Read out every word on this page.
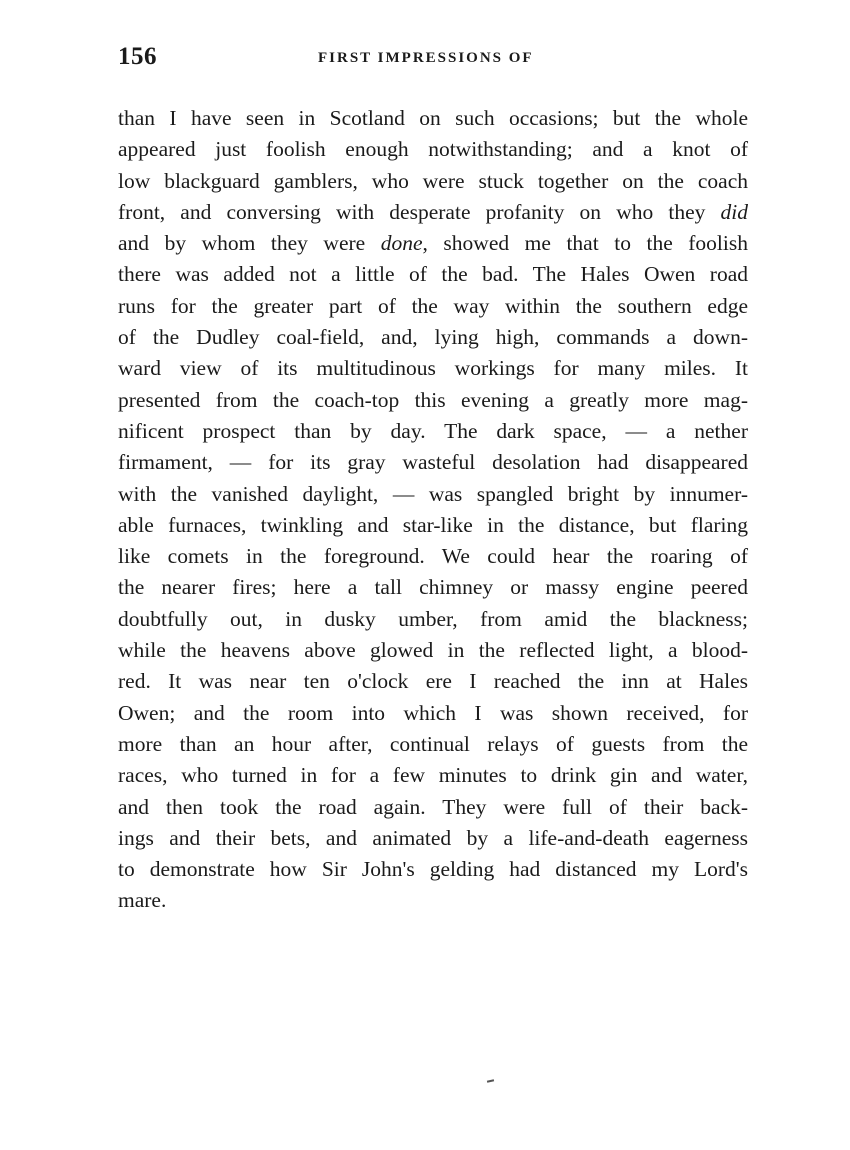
156	FIRST IMPRESSIONS OF
than I have seen in Scotland on such occasions; but the whole
appeared just foolish enough notwithstanding; and a knot of
low blackguard gamblers, who were stuck together on the coach
front, and conversing with desperate profanity on who they did
and by whom they were done, showed me that to the foolish
there was added not a little of the bad. The Hales Owen road
runs for the greater part of the way within the southern edge
of the Dudley coal-field, and, lying high, commands a down-
ward view of its multitudinous workings for many miles. It
presented from the coach-top this evening a greatly more mag-
nificent prospect than by day. The dark space, — a nether
firmament, — for its gray wasteful desolation had disappeared
with the vanished daylight, — was spangled bright by innumer-
able furnaces, twinkling and star-like in the distance, but flaring
like comets in the foreground. We could hear the roaring of
the nearer fires; here a tall chimney or massy engine peered
doubtfully out, in dusky umber, from amid the blackness;
while the heavens above glowed in the reflected light, a blood-
red. It was near ten o'clock ere I reached the inn at Hales
Owen; and the room into which I was shown received, for
more than an hour after, continual relays of guests from the
races, who turned in for a few minutes to drink gin and water,
and then took the road again. They were full of their back-
ings and their bets, and animated by a life-and-death eagerness
to demonstrate how Sir John's gelding had distanced my Lord's
mare.
